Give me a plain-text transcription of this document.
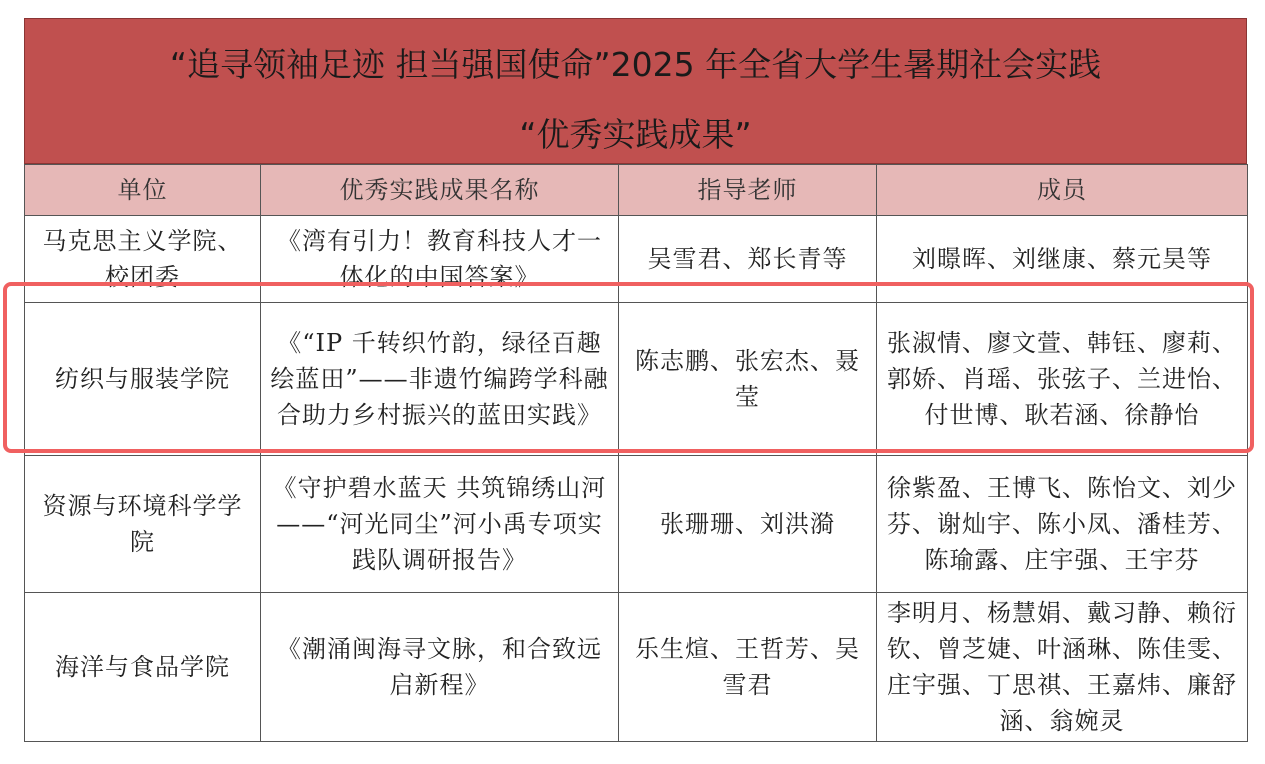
“追寻领袖足迹 担当强国使命”2025 年全省大学生暑期社会实践
“优秀实践成果”
单位	优秀实践成果名称	指导老师	成员
马克思主义学院、校团委	《湾有引力！教育科技人才一体化的中国答案》	吴雪君、郑长青等	刘暻晖、刘继康、蔡元昊等
纺织与服装学院	《“IP 千转织竹韵，绿径百趣绘蓝田”——非遗竹编跨学科融合助力乡村振兴的蓝田实践》	陈志鹏、张宏杰、聂　莹	张淑情、廖文萱、韩钰、廖莉、郭娇、肖瑶、张弦子、兰进怡、付世博、耿若涵、徐静怡
资源与环境科学学院	《守护碧水蓝天 共筑锦绣山河——“河光同尘”河小禹专项实践队调研报告》	张珊珊、刘洪漪	徐紫盈、王博飞、陈怡文、刘少芬、谢灿宇、陈小凤、潘桂芳、陈瑜露、庄宇强、王宇芬
海洋与食品学院	《潮涌闽海寻文脉，和合致远启新程》	乐生煊、王哲芳、吴雪君	李明月、杨慧娟、戴习静、赖衍钦、曾芝婕、叶涵琳、陈佳雯、庄宇强、丁思祺、王嘉炜、廉舒涵、翁婉灵
